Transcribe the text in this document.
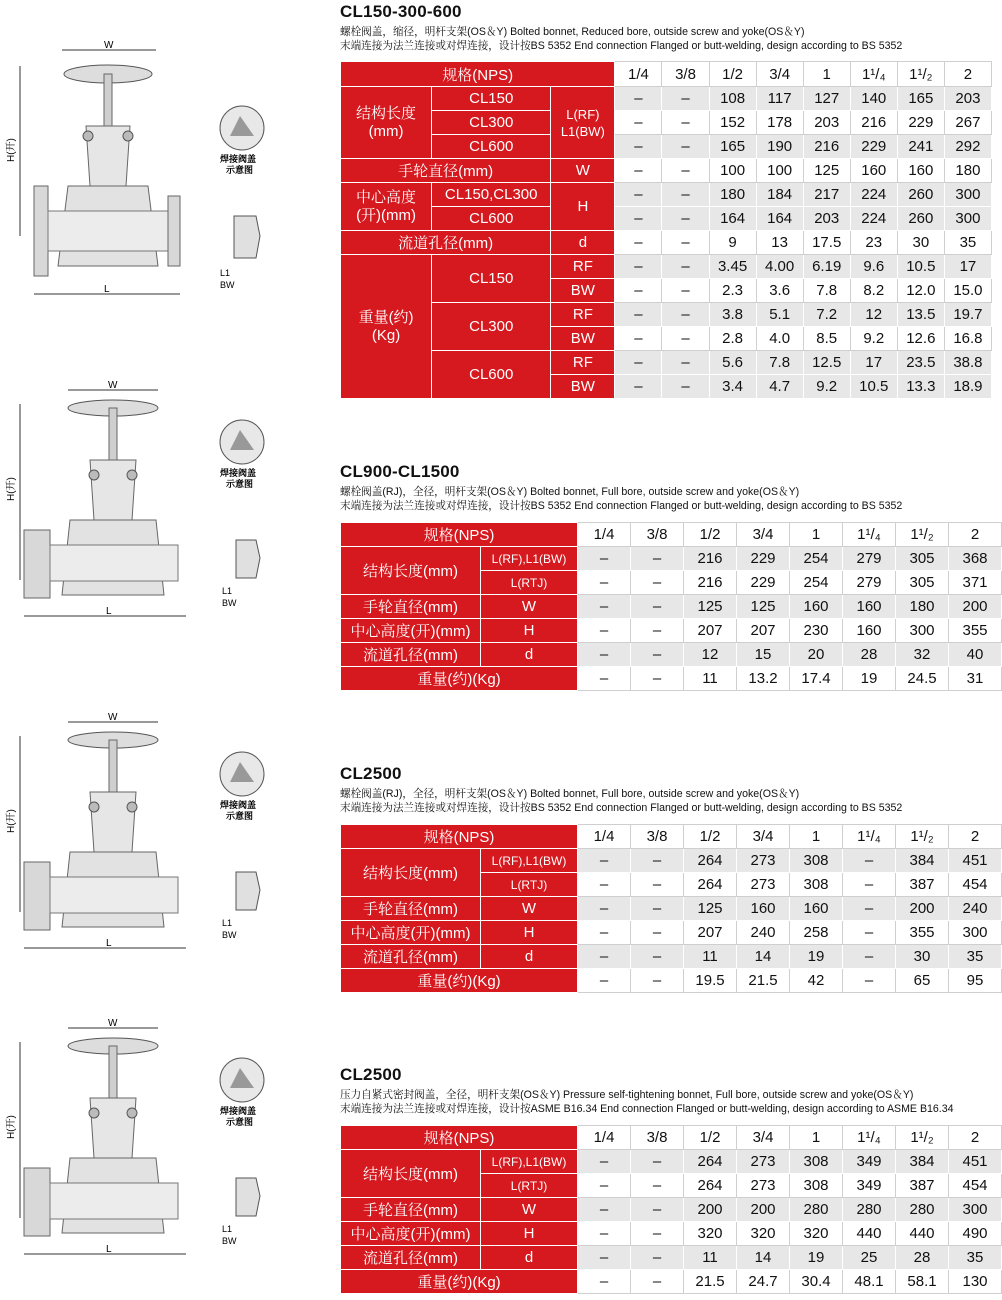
W
H(开)
L
焊接阀盖
示意图
L1
BW
CL150-300-600
螺栓阀盖，缩径，明杆支架(OS＆Y) Bolted bonnet, Reduced bore, outside screw and yoke(OS＆Y)
末端连接为法兰连接或对焊连接，设计按BS 5352 End connection Flanged or butt-welding, design according to BS 5352
规格(NPS)			1/4	3/8	1/2	3/4	1	1¹/₄	1¹/₂	2
结构长度
(mm)	CL150	L(RF)
L1(BW)	–	–	108	117	127	140	165	203
	CL300		–	–	152	178	203	216	229	267
	CL600		–	–	165	190	216	229	241	292
手轮直径(mm)		W	–	–	100	100	125	160	160	180
中心高度
(开)(mm)	CL150,CL300	H	–	–	180	184	217	224	260	300
	CL600		–	–	164	164	203	224	260	300
流道孔径(mm)		d	–	–	9	13	17.5	23	30	35
重量(约)
(Kg)	CL150	RF	–	–	3.45	4.00	6.19	9.6	10.5	17
		BW	–	–	2.3	3.6	7.8	8.2	12.0	15.0
	CL300	RF	–	–	3.8	5.1	7.2	12	13.5	19.7
		BW	–	–	2.8	4.0	8.5	9.2	12.6	16.8
	CL600	RF	–	–	5.6	7.8	12.5	17	23.5	38.8
		BW	–	–	3.4	4.7	9.2	10.5	13.3	18.9
W
H(开)
L
焊接阀盖
示意图
L1
BW
CL900-CL1500
螺栓阀盖(RJ)，全径，明杆支架(OS＆Y) Bolted bonnet, Full bore, outside screw and yoke(OS＆Y)
末端连接为法兰连接或对焊连接，设计按BS 5352 End connection Flanged or butt-welding, design according to BS 5352
规格(NPS)		1/4	3/8	1/2	3/4	1	1¹/₄	1¹/₂	2
结构长度(mm)	L(RF),L1(BW)	–	–	216	229	254	279	305	368
	L(RTJ)	–	–	216	229	254	279	305	371
手轮直径(mm)	W	–	–	125	125	160	160	180	200
中心高度(开)(mm)	H	–	–	207	207	230	160	300	355
流道孔径(mm)	d	–	–	12	15	20	28	32	40
重量(约)(Kg)		–	–	11	13.2	17.4	19	24.5	31
W
H(开)
L
焊接阀盖
示意图
L1
BW
CL2500
螺栓阀盖(RJ)，全径，明杆支架(OS＆Y) Bolted bonnet, Full bore, outside screw and yoke(OS＆Y)
末端连接为法兰连接或对焊连接，设计按BS 5352 End connection Flanged or butt-welding, design according to BS 5352
规格(NPS)		1/4	3/8	1/2	3/4	1	1¹/₄	1¹/₂	2
结构长度(mm)	L(RF),L1(BW)	–	–	264	273	308	–	384	451
	L(RTJ)	–	–	264	273	308	–	387	454
手轮直径(mm)	W	–	–	125	160	160	–	200	240
中心高度(开)(mm)	H	–	–	207	240	258	–	355	300
流道孔径(mm)	d	–	–	11	14	19	–	30	35
重量(约)(Kg)		–	–	19.5	21.5	42	–	65	95
W
H(开)
L
焊接阀盖
示意图
L1
BW
CL2500
压力自紧式密封阀盖，全径，明杆支架(OS＆Y) Pressure self-tightening bonnet, Full bore, outside screw and yoke(OS＆Y)
末端连接为法兰连接或对焊连接，设计按ASME B16.34 End connection Flanged or butt-welding, design according to ASME B16.34
规格(NPS)		1/4	3/8	1/2	3/4	1	1¹/₄	1¹/₂	2
结构长度(mm)	L(RF),L1(BW)	–	–	264	273	308	349	384	451
	L(RTJ)	–	–	264	273	308	349	387	454
手轮直径(mm)	W	–	–	200	200	280	280	280	300
中心高度(开)(mm)	H	–	–	320	320	320	440	440	490
流道孔径(mm)	d	–	–	11	14	19	25	28	35
重量(约)(Kg)		–	–	21.5	24.7	30.4	48.1	58.1	130
